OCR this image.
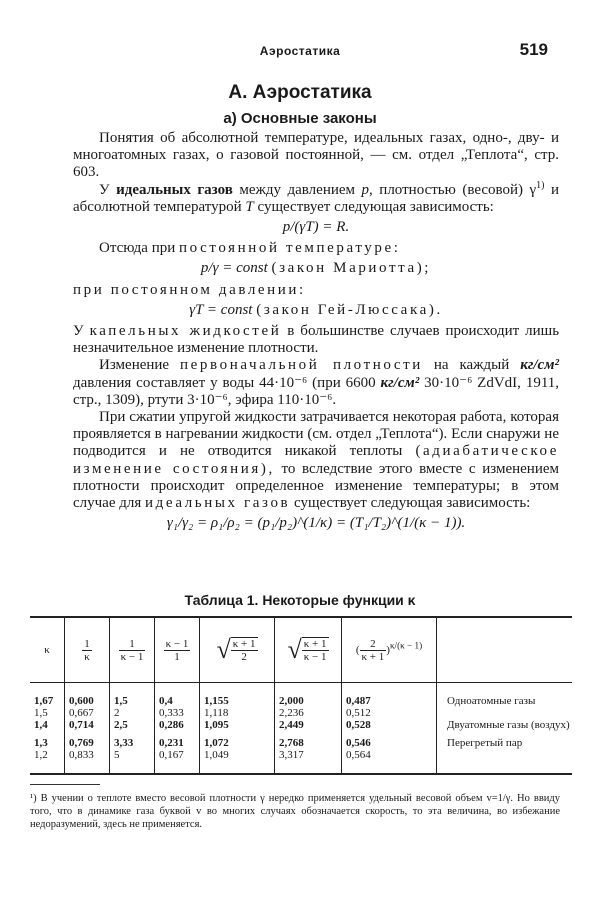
Аэростатика	519
А. Аэростатика
а) Основные законы

Понятия об абсолютной температуре, идеальных газах, одно-, дву- и многоатомных газах, о газовой постоянной, — см. отдел „Теплота“, стр. 603.

У идеальных газов между давлением p, плотностью (весовой) $\gamma^{1)}$ и абсолютной температурой T существует следующая зависимость:

p/(γT) = R.

Отсюда при постоянной температуре:

p/γ = const (закон Мариотта);

при постоянном давлении:

γT = const (закон Гей-Люссака).

У капельных жидкостей в большинстве случаев происходит лишь незначительное изменение плотности.

Изменение первоначальной плотности на каждый кг/см² давления составляет у воды 44·10⁻⁶ (при 6600 кг/см² 30·10⁻⁶ ZdVdI, 1911, стр., 1309), ртути 3·10⁻⁶, эфира 110·10⁻⁶.

При сжатии упругой жидкости затрачивается некоторая работа, которая проявляется в нагревании жидкости (см. отдел „Теплота“). Если снаружи не подводится и не отводится никакой теплоты (адиабатическое изменение состояния), то вследствие этого вместе с изменением плотности происходит определенное изменение температуры; в этом случае для идеальных газов существует следующая зависимость:

γ₁/γ₂ = ρ₁/ρ₂ = (p₁/p₂)^(1/κ) = (T₁/T₂)^(1/(κ − 1)).
Таблица 1. Некоторые функции κ
κ	$\frac{1}{\kappa}$	$\frac{1}{\kappa - 1}$	$\frac{\kappa - 1}{1}$	√ $\frac{\kappa + 1}{2}$	√ $\frac{\kappa + 1}{\kappa - 1}$	( $\frac{2}{\kappa + 1} )^{\kappa/(\kappa - 1)}$	
1,67	0,600	1,5	0,4	1,155	2,000	0,487	Одноатомные газы
1,5	0,667	2	0,333	1,118	2,236	0,512	
1,4	0,714	2,5	0,286	1,095	2,449	0,528	Двуатомные газы (воздух)
1,3	0,769	3,33	0,231	1,072	2,768	0,546	Перегретый пар
1,2	0,833	5	0,167	1,049	3,317	0,564	
¹) В учении о теплоте вместо весовой плотности γ нередко применяется удельный весовой объем v=1/γ. Но ввиду того, что в динамике газа буквой v во многих случаях обозначается скорость, то эта величина, во избежание недоразумений, здесь не применяется.
